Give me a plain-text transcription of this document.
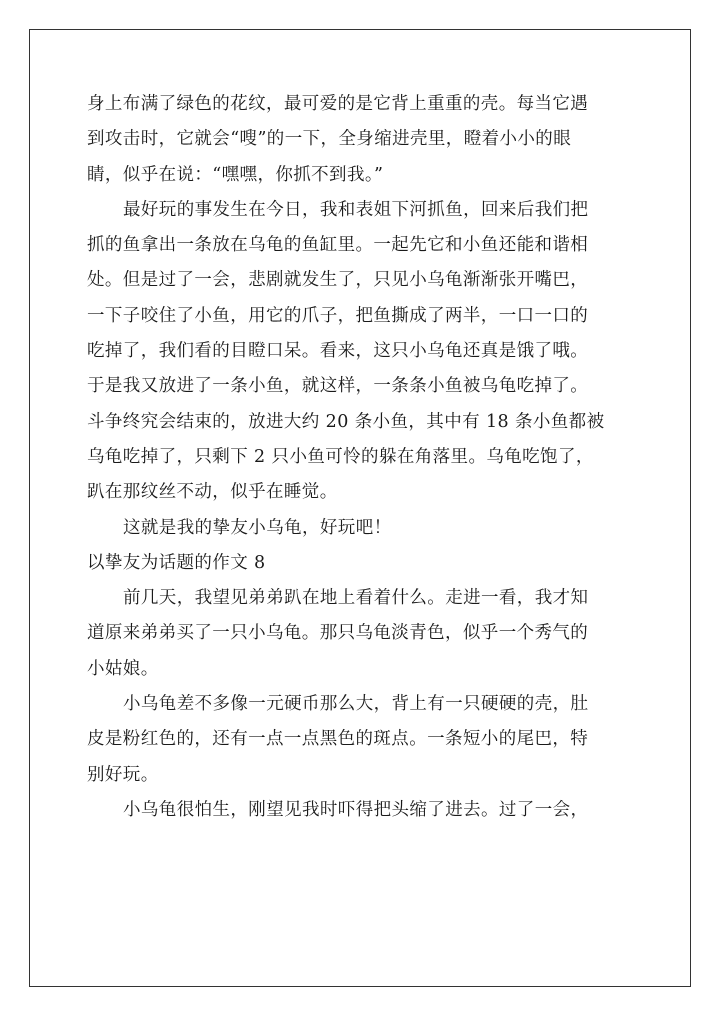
身上布满了绿色的花纹，最可爱的是它背上重重的壳。每当它遇
到攻击时，它就会“嗖”的一下，全身缩进壳里，瞪着小小的眼
睛，似乎在说：“嘿嘿，你抓不到我。”
最好玩的事发生在今日，我和表姐下河抓鱼，回来后我们把
抓的鱼拿出一条放在乌龟的鱼缸里。一起先它和小鱼还能和谐相
处。但是过了一会，悲剧就发生了，只见小乌龟渐渐张开嘴巴，
一下子咬住了小鱼，用它的爪子，把鱼撕成了两半，一口一口的
吃掉了，我们看的目瞪口呆。看来，这只小乌龟还真是饿了哦。
于是我又放进了一条小鱼，就这样，一条条小鱼被乌龟吃掉了。
斗争终究会结束的，放进大约 20 条小鱼，其中有 18 条小鱼都被
乌龟吃掉了，只剩下 2 只小鱼可怜的躲在角落里。乌龟吃饱了，
趴在那纹丝不动，似乎在睡觉。
这就是我的挚友小乌龟，好玩吧！
以挚友为话题的作文 8
前几天，我望见弟弟趴在地上看着什么。走进一看，我才知
道原来弟弟买了一只小乌龟。那只乌龟淡青色，似乎一个秀气的
小姑娘。
小乌龟差不多像一元硬币那么大，背上有一只硬硬的壳，肚
皮是粉红色的，还有一点一点黑色的斑点。一条短小的尾巴，特
别好玩。
小乌龟很怕生，刚望见我时吓得把头缩了进去。过了一会，
